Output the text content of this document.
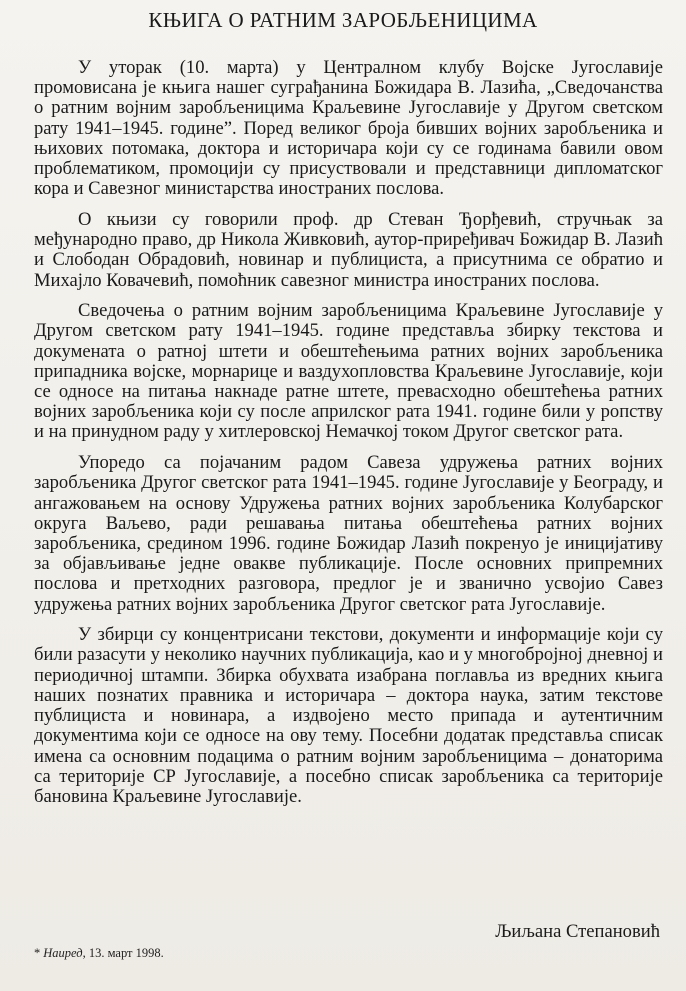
КЊИГА О РАТНИМ ЗАРОБЉЕНИЦИМА

У уторак (10. марта) у Централном клубу Војске Југославије промовисана је књига нашег суграђанина Божидара В. Лазића, „Сведочанства о ратним војним заробљеницима Краљевине Југославије у Другом светском рату 1941–1945. године”. Поред великог броја бивших војних заробљеника и њихових потомака, доктора и историчара који су се годинама бавили овом проблематиком, промоцији су присуствовали и представници дипломатског кора и Савезног министарства иностраних послова.

О књизи су говорили проф. др Стеван Ђорђевић, стручњак за међународно право, др Никола Живковић, аутор-приређивач Божидар В. Лазић и Слободан Обрадовић, новинар и публициста, а присутнима се обратио и Михајло Ковачевић, помоћник савезног министра иностраних послова.

Сведочења о ратним војним заробљеницима Краљевине Југославије у Другом светском рату 1941–1945. године представља збирку текстова и докумената о ратној штети и обештећењима ратних војних заробљеника припадника војске, морнарице и ваздухопловства Краљевине Југославије, који се односе на питања накнаде ратне штете, превасходно обештећења ратних војних заробљеника који су после априлског рата 1941. године били у ропству и на принудном раду у хитлеровској Немачкој током Другог светског рата.

Упоредо са појачаним радом Савеза удружења ратних војних заробљеника Другог светског рата 1941–1945. године Југославије у Београду, и ангажовањем на основу Удружења ратних војних заробљеника Колубарског округа Ваљево, ради решавања питања обештећења ратних војних заробљеника, средином 1996. године Божидар Лазић покренуо је иницијативу за објављивање једне овакве публикације. После основних припремних послова и претходних разговора, предлог је и званично усвојио Савез удружења ратних војних заробљеника Другог светског рата Југославије.

У збирци су концентрисани текстови, документи и информације који су били разасути у неколико научних публикација, као и у многобројној дневној и периодичној штампи. Збирка обухвата изабрана поглавља из вредних књига наших познатих правника и историчара – доктора наука, затим текстове публициста и новинара, а издвојено место припада и аутентичним документима који се односе на ову тему. Посебни додатак представља списак имена са основним подацима о ратним војним заробљеницима – донаторима са територије СР Југославије, а посебно списак заробљеника са територије бановина Краљевине Југославије.

Љиљана Степановић
* Наиред, 13. март 1998.
